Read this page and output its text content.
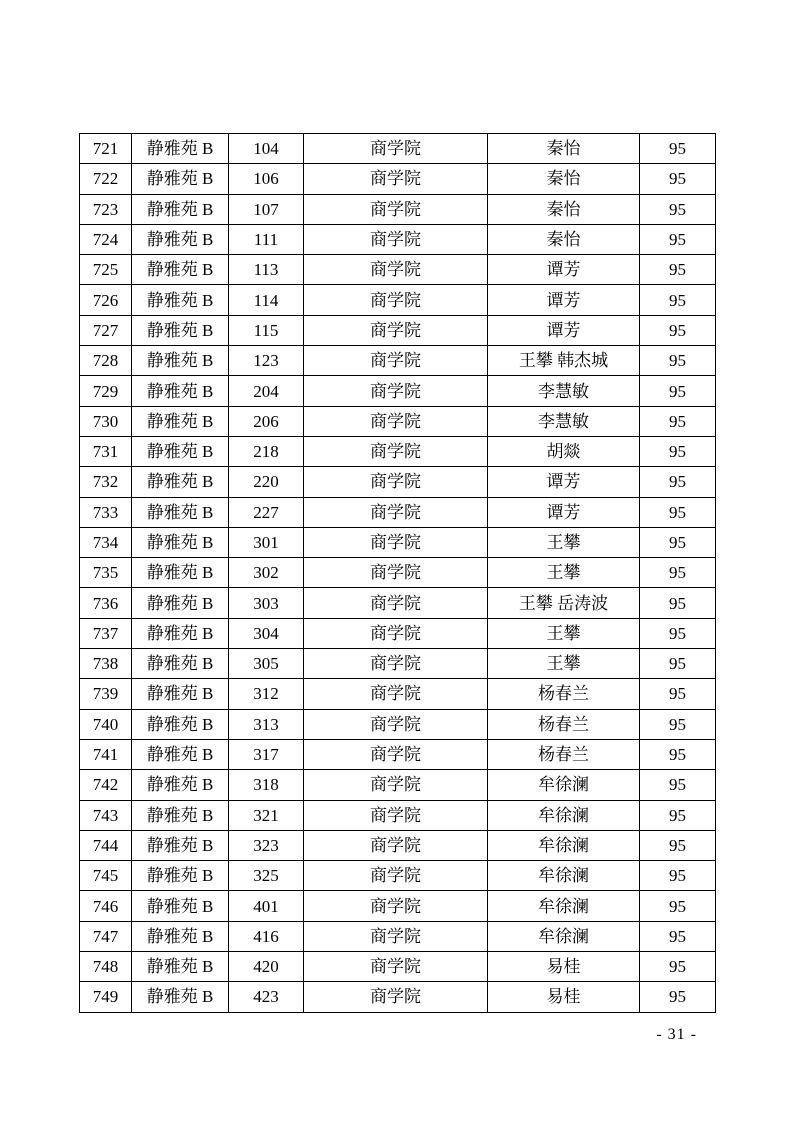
721	静雅苑 B	104	商学院	秦怡	95
722	静雅苑 B	106	商学院	秦怡	95
723	静雅苑 B	107	商学院	秦怡	95
724	静雅苑 B	111	商学院	秦怡	95
725	静雅苑 B	113	商学院	谭芳	95
726	静雅苑 B	114	商学院	谭芳	95
727	静雅苑 B	115	商学院	谭芳	95
728	静雅苑 B	123	商学院	王攀 韩杰城	95
729	静雅苑 B	204	商学院	李慧敏	95
730	静雅苑 B	206	商学院	李慧敏	95
731	静雅苑 B	218	商学院	胡燚	95
732	静雅苑 B	220	商学院	谭芳	95
733	静雅苑 B	227	商学院	谭芳	95
734	静雅苑 B	301	商学院	王攀	95
735	静雅苑 B	302	商学院	王攀	95
736	静雅苑 B	303	商学院	王攀 岳涛波	95
737	静雅苑 B	304	商学院	王攀	95
738	静雅苑 B	305	商学院	王攀	95
739	静雅苑 B	312	商学院	杨春兰	95
740	静雅苑 B	313	商学院	杨春兰	95
741	静雅苑 B	317	商学院	杨春兰	95
742	静雅苑 B	318	商学院	牟徐澜	95
743	静雅苑 B	321	商学院	牟徐澜	95
744	静雅苑 B	323	商学院	牟徐澜	95
745	静雅苑 B	325	商学院	牟徐澜	95
746	静雅苑 B	401	商学院	牟徐澜	95
747	静雅苑 B	416	商学院	牟徐澜	95
748	静雅苑 B	420	商学院	易桂	95
749	静雅苑 B	423	商学院	易桂	95
- 31 -
